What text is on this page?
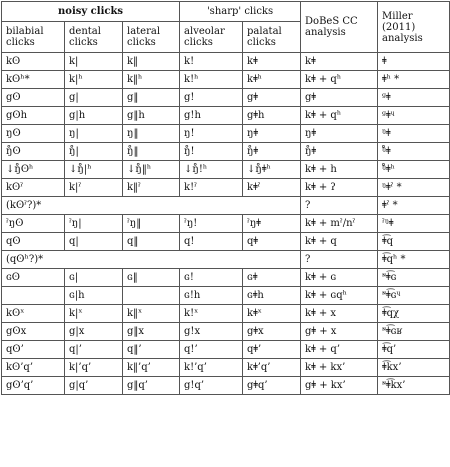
noisy clicks			'sharp' clicks		DoBeS CC analysis	Miller (2011) analysis

bilabial clicks	dental clicks	lateral clicks	alveolar clicks	palatal clicks		

kʘ	k|	k‖	k!	kǂ	kǂ	ǂ
kʘʰ*	k|ʰ	k‖ʰ	k!ʰ	kǂʰ	kǂ + qʰ	ǂʰ *
gʘ	g|	g‖	g!	gǂ	gǂ	ᶢǂ
gʘh	g|h	g‖h	g!h	gǂh	kǂ + qʰ	ᶢǂᶣ
ŋʘ	ŋ|	ŋ‖	ŋ!	ŋǂ	ŋǂ	ᵑǂ
ŋ̊ʘ	ŋ̊|	ŋ̊‖	ŋ̊!	ŋ̊ǂ	ŋ̊ǂ	ᵑ̊ǂ
↓ŋ̊ʘʰ	↓ŋ̊|ʰ	↓ŋ̊‖ʰ	↓ŋ̊!ʰ	↓ŋ̊ǂʰ	kǂ + h	ᵑ̊ǂʰ
kʘˀ	k|ˀ	k‖ˀ	k!ˀ	kǂˀ	kǂ + ʔ	ᵑǂˀ *
(kʘˀ?)*					?	ǂˀ *
ˀŋʘ	ˀŋ|	ˀŋ‖	ˀŋ!	ˀŋǂ	kǂ + mˀ/nˀ	ˀᵑǂ
qʘ	q|	q‖	q!	qǂ	kǂ + q	ǂ͡q
(qʘʰ?)*					?	ǂ͡qʰ *
ɢʘ	ɢ|	ɢ‖	ɢ!	ɢǂ	kǂ + ɢ	ᶰǂ͡ɢ
	ɢ|h		ɢ!h	ɢǂh	kǂ + ɢqʰ	ᶰǂ͡ɢᶣ
kʘˣ	k|ˣ	k‖ˣ	k!ˣ	kǂˣ	kǂ + x	ǂ͡qχ
gʘx	g|x	g‖x	g!x	gǂx	gǂ + x	ᶰǂ͡ɢʁ
qʘ’	q|’	q‖’	q!’	qǂ’	kǂ + q’	ǂ͡q’
kʘ’q’	k|’q’	k‖’q’	k!’q’	kǂ’q’	kǂ + kx’	ǂ͡kx’
gʘ’q’	g|q’	g‖q’	g!q’	gǂq’	gǂ + kx’	ᶰǂ͡kx’
